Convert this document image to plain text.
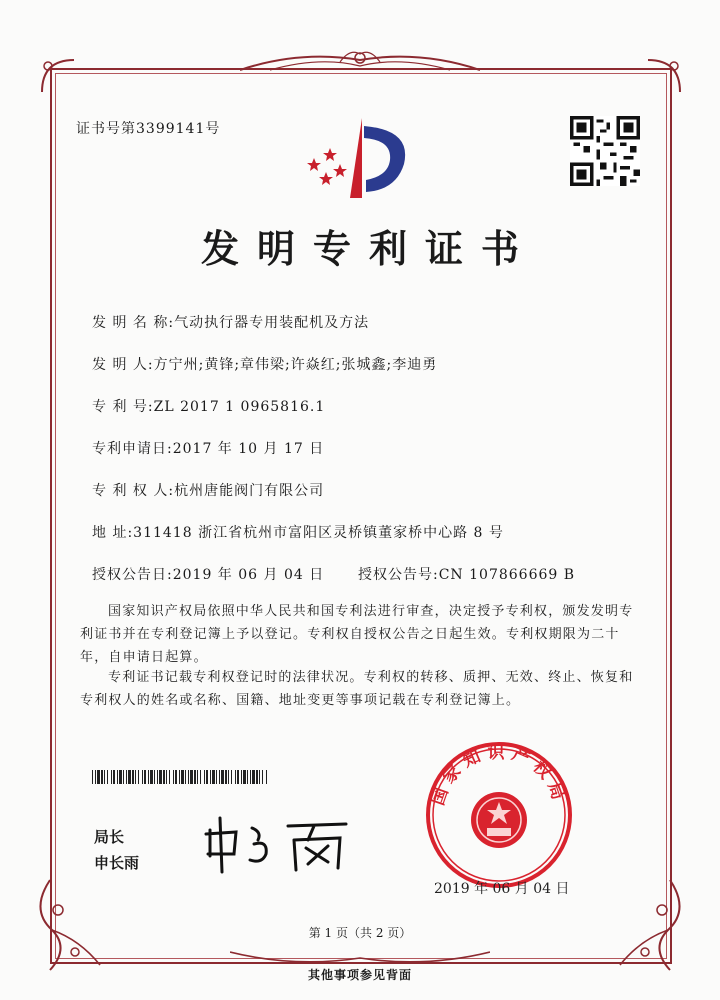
证书号第3399141号
发明专利证书
发 明 名 称:气动执行器专用装配机及方法
发 明 人:方宁州;黄锋;章伟梁;许焱红;张城鑫;李迪勇
专 利 号:ZL 2017 1 0965816.1
专利申请日:2017 年 10 月 17 日
专 利 权 人:杭州唐能阀门有限公司
地 址:311418 浙江省杭州市富阳区灵桥镇董家桥中心路 8 号
授权公告日:2019 年 06 月 04 日 授权公告号:CN 107866669 B
国家知识产权局依照中华人民共和国专利法进行审查，决定授予专利权，颁发发明专利证书并在专利登记簿上予以登记。专利权自授权公告之日起生效。专利权期限为二十年，自申请日起算。
专利证书记载专利权登记时的法律状况。专利权的转移、质押、无效、终止、恢复和专利权人的姓名或名称、国籍、地址变更等事项记载在专利登记簿上。
局长
申长雨
国家知识产权局
2019 年 06 月 04 日
第 1 页（共 2 页）
其他事项参见背面
